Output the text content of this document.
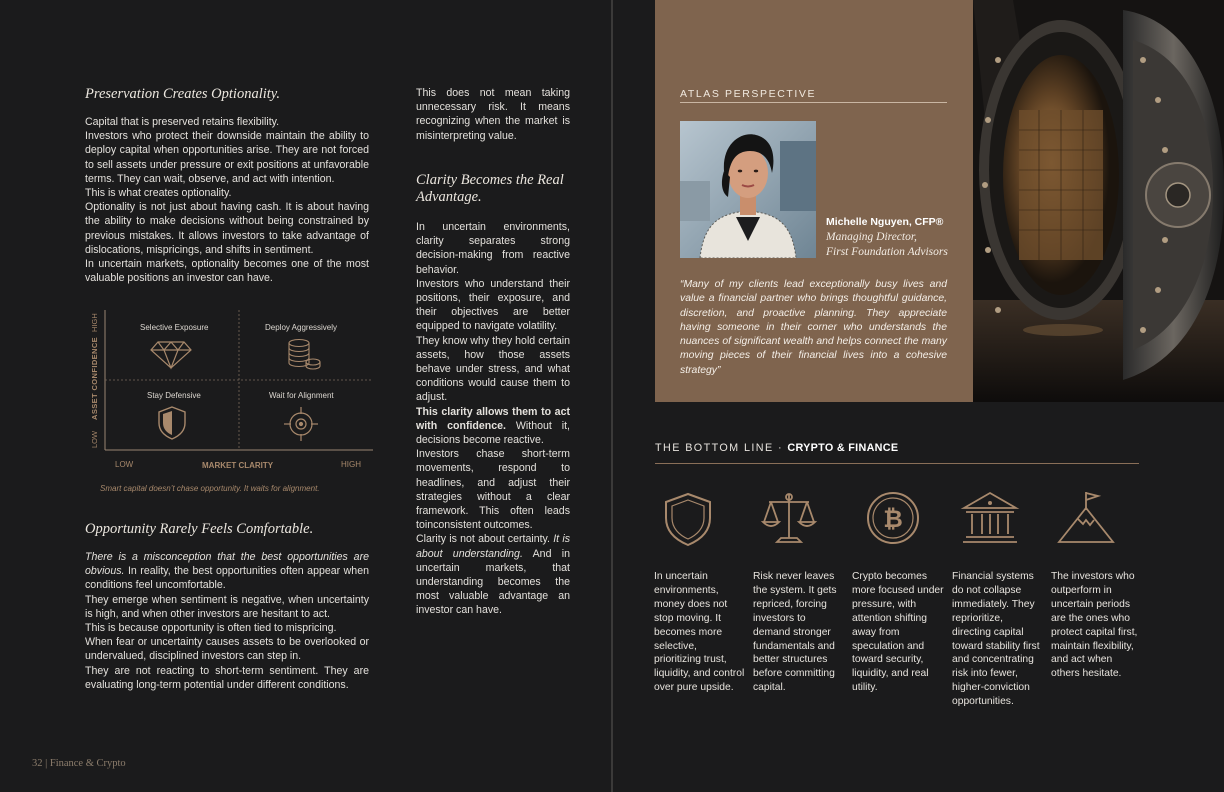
Preservation Creates Optionality.

Capital that is preserved retains flexibility.

Investors who protect their downside maintain the ability to deploy capital when opportunities arise. They are not forced to sell assets under pressure or exit positions at unfavorable terms. They can wait, observe, and act with intention.

This is what creates optionality.

Optionality is not just about having cash. It is about having the ability to make decisions without being constrained by previous mistakes. It allows investors to take advantage of dislocations, mispricings, and shifts in sentiment.

In uncertain markets, optionality becomes one of the most valuable positions an investor can have.

LOW
ASSET CONFIDENCE
HIGH
LOW	MARKET CLARITY	HIGH
Selective Exposure	Deploy Aggressively
Stay Defensive	Wait for Alignment
Smart capital doesn’t chase opportunity. It waits for alignment.
Opportunity Rarely Feels Comfortable.

There is a misconception that the best opportunities are obvious. In reality, the best opportunities often appear when conditions feel uncomfortable.

They emerge when sentiment is negative, when uncertainty is high, and when other investors are hesitant to act.

This is because opportunity is often tied to mispricing.

When fear or uncertainty causes assets to be overlooked or undervalued, disciplined investors can step in.

They are not reacting to short-term sentiment. They are evaluating long-term potential under different conditions.

This does not mean taking unnecessary risk. It means recognizing when the market is misinterpreting value.
Clarity Becomes the Real Advantage.

In uncertain environments, clarity separates strong decision-making from reactive behavior.

Investors who understand their positions, their exposure, and their objectives are better equipped to navigate volatility.

They know why they hold certain assets, how those assets behave under stress, and what conditions would cause them to adjust.

This clarity allows them to act with confidence. Without it, decisions become reactive.

Investors chase short-term movements, respond to headlines, and adjust their strategies without a clear framework. This often leads toinconsistent outcomes.

Clarity is not about certainty. It is about understanding. And in uncertain markets, that understanding becomes the most valuable advantage an investor can have.

32 | Finance & Crypto
ATLAS PERSPECTIVE
Michelle Nguyen, CFP®
Managing Director,
First Foundation Advisors
“Many of my clients lead exceptionally busy lives and value a financial partner who brings thoughtful guidance, discretion, and proactive planning. They appreciate having someone in their corner who understands the nuances of significant wealth and helps connect the many moving pieces of their financial lives into a cohesive strategy”
THE BOTTOM LINE · CRYPTO & FINANCE
₿
In uncertain environments, money does not stop moving. It becomes more selective, prioritizing trust, liquidity, and control over pure upside.
Risk never leaves the system. It gets repriced, forcing investors to demand stronger fundamentals and better structures before committing capital.
Crypto becomes more focused under pressure, with attention shifting away from speculation and toward security, liquidity, and real utility.
Financial systems do not collapse immediately. They reprioritize, directing capital toward stability first and concentrating risk into fewer, higher-conviction opportunities.
The investors who outperform in uncertain periods are the ones who protect capital first, maintain flexibility, and act when others hesitate.
